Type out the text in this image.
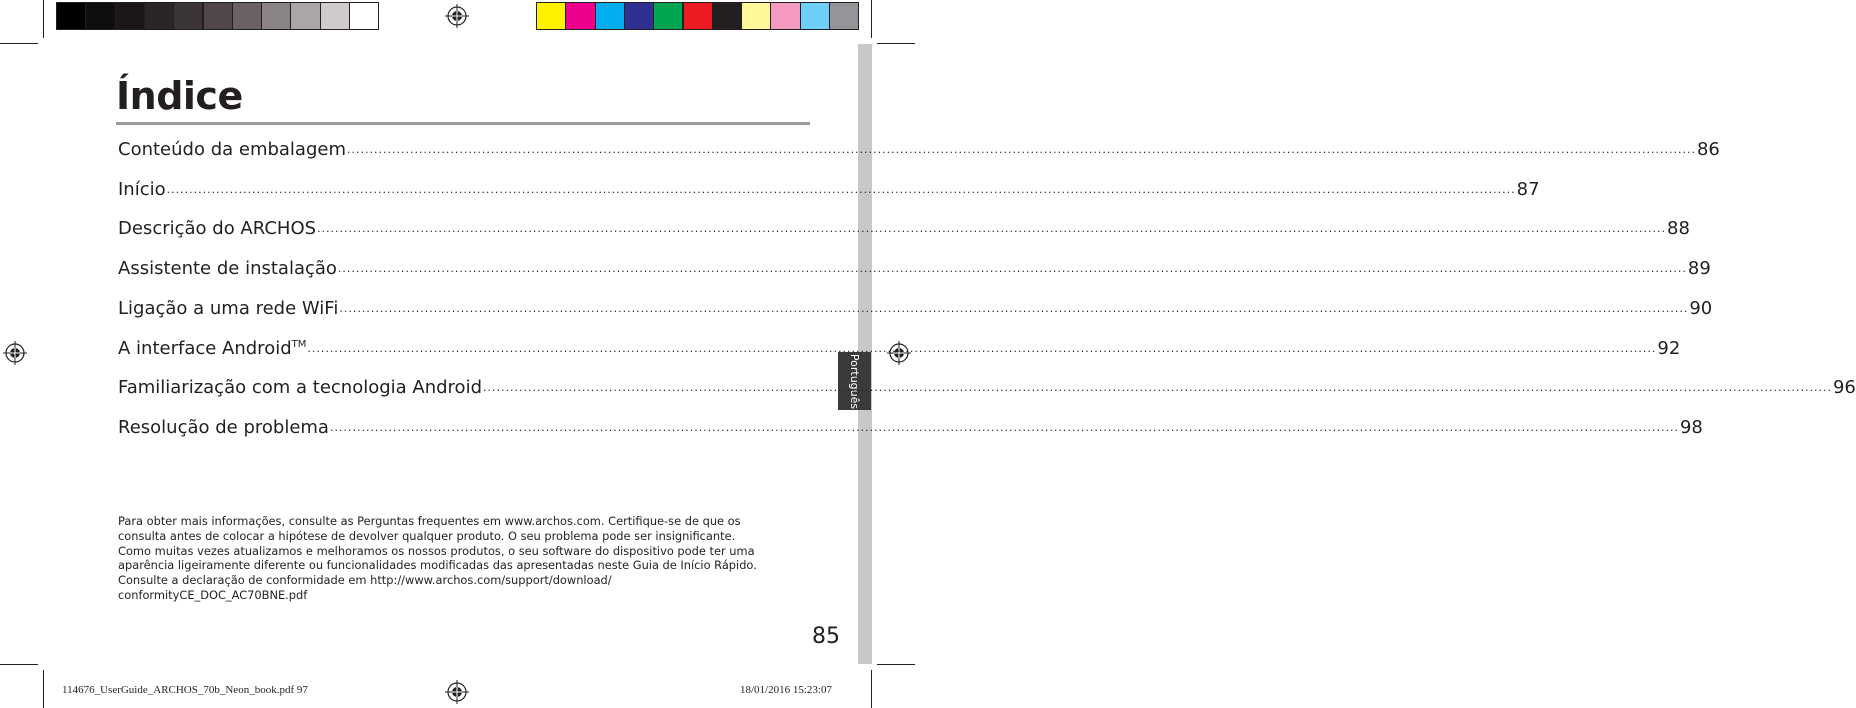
Português
Índice
Conteúdo da embalagem ............................................................................................................................................................................................................................................................................................................ 86
Início ............................................................................................................................................................................................................................................................................................................ 87
Descrição do ARCHOS ............................................................................................................................................................................................................................................................................................................ 88
Assistente de instalação ............................................................................................................................................................................................................................................................................................................ 89
Ligação a uma rede WiFi ............................................................................................................................................................................................................................................................................................................ 90
A interface Android™ ............................................................................................................................................................................................................................................................................................................ 92
Familiarização com a tecnologia Android ............................................................................................................................................................................................................................................................................................................ 96
Resolução de problema ............................................................................................................................................................................................................................................................................................................ 98
Para obter mais informações, consulte as Perguntas frequentes em www.archos.com. Certifique-se de que os
consulta antes de colocar a hipótese de devolver qualquer produto. O seu problema pode ser insignificante.
Como muitas vezes atualizamos e melhoramos os nossos produtos, o seu software do dispositivo pode ter uma
aparência ligeiramente diferente ou funcionalidades modificadas das apresentadas neste Guia de Início Rápido.
Consulte a declaração de conformidade em http://www.archos.com/support/download/
conformityCE_DOC_AC70BNE.pdf
85
114676_UserGuide_ARCHOS_70b_Neon_book.pdf 97	18/01/2016 15:23:07
